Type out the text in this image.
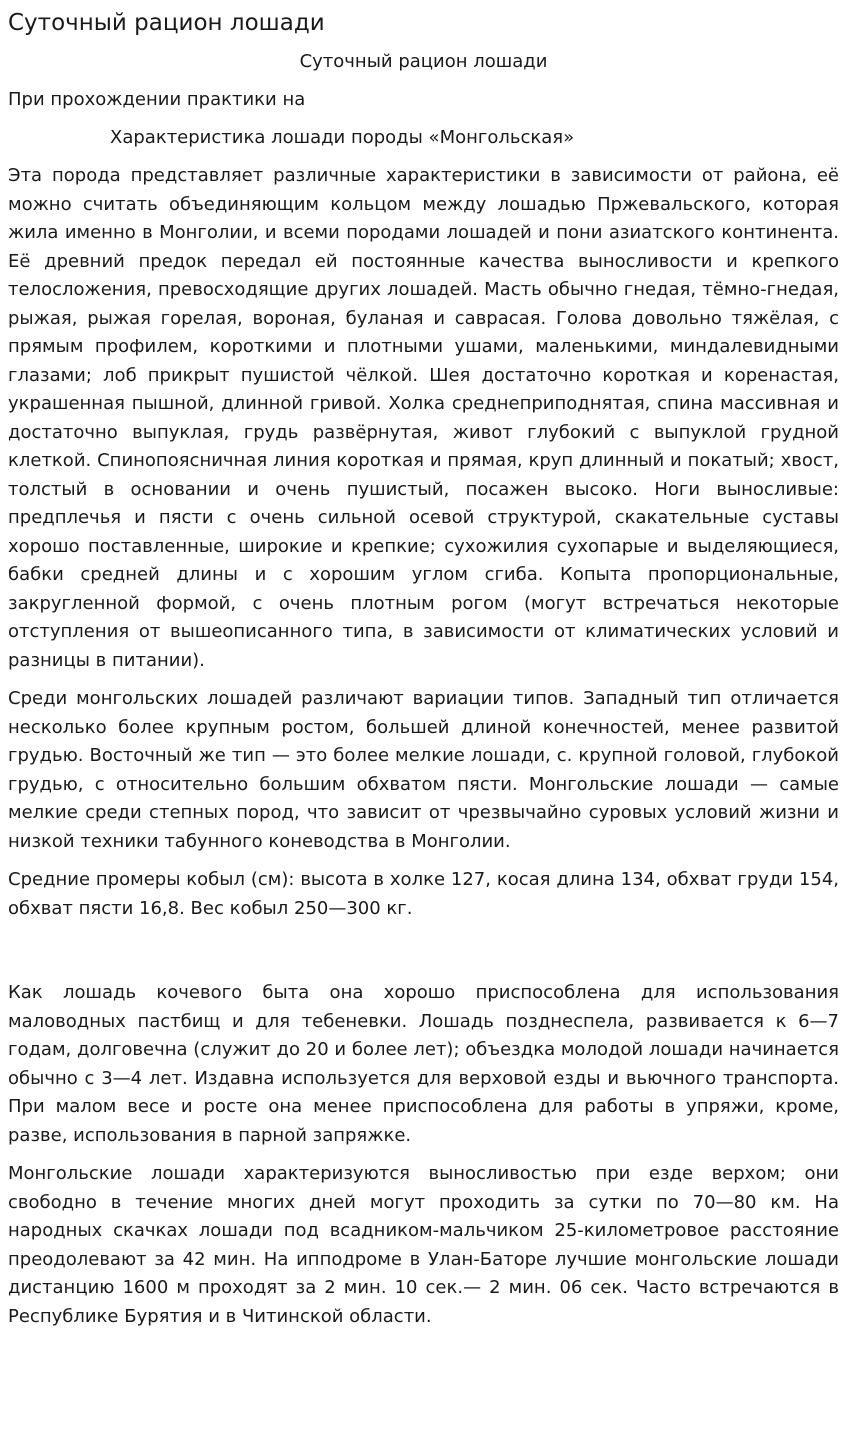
Суточный рацион лошади
Суточный рацион лошади
При прохождении практики на
Характеристика лошади породы «Монгольская»

Эта порода представляет различные характеристики в зависимости от района, её можно считать объединяющим кольцом между лошадью Пржевальского, которая жила именно в Монголии, и всеми породами лошадей и пони азиатского континента. Её древний предок передал ей постоянные качества выносливости и крепкого телосложения, превосходящие других лошадей. Масть обычно гнедая, тёмно-гнедая, рыжая, рыжая горелая, вороная, буланая и саврасая. Голова довольно тяжёлая, с прямым профилем, короткими и плотными ушами, маленькими, миндалевидными глазами; лоб прикрыт пушистой чёлкой. Шея достаточно короткая и коренастая, украшенная пышной, длинной гривой. Холка среднеприподнятая, спина массивная и достаточно выпуклая, грудь развёрнутая, живот глубокий с выпуклой грудной клеткой. Спинопоясничная линия короткая и прямая, круп длинный и покатый; хвост, толстый в основании и очень пушистый, посажен высоко. Ноги выносливые: предплечья и пясти с очень сильной осевой структурой, скакательные суставы хорошо поставленные, широкие и крепкие; сухожилия сухопарые и выделяющиеся, бабки средней длины и с хорошим углом сгиба. Копыта пропорциональные, закругленной формой, с очень плотным рогом (могут встречаться некоторые отступления от вышеописанного типа, в зависимости от климатических условий и разницы в питании).

Среди монгольских лошадей различают вариации типов. Западный тип отличается несколько более крупным ростом, большей длиной конечностей, менее развитой грудью. Восточный же тип — это более мелкие лошади, с. крупной головой, глубокой грудью, с относительно большим обхватом пясти. Монгольские лошади — самые мелкие среди степных пород, что зависит от чрезвычайно суровых условий жизни и низкой техники табунного коневодства в Монголии.

Средние промеры кобыл (см): высота в холке 127, косая длина 134, обхват груди 154, обхват пясти 16,8. Вес кобыл 250—300 кг.

Как лошадь кочевого быта она хорошо приспособлена для использования маловодных пастбищ и для тебеневки. Лошадь позднеспела, развивается к 6—7 годам, долговечна (служит до 20 и более лет); объездка молодой лошади начинается обычно с 3—4 лет. Издавна используется для верховой езды и вьючного транспорта. При малом весе и росте она менее приспособлена для работы в упряжи, кроме, разве, использования в парной запряжке.

Монгольские лошади характеризуются выносливостью при езде верхом; они свободно в течение многих дней могут проходить за сутки по 70—80 км. На народных скачках лошади под всадником-мальчиком 25-километровое расстояние преодолевают за 42 мин. На ипподроме в Улан-Баторе лучшие монгольские лошади дистанцию 1600 м проходят за 2 мин. 10 сек.— 2 мин. 06 сек. Часто встречаются в Республике Бурятия и в Читинской области.
